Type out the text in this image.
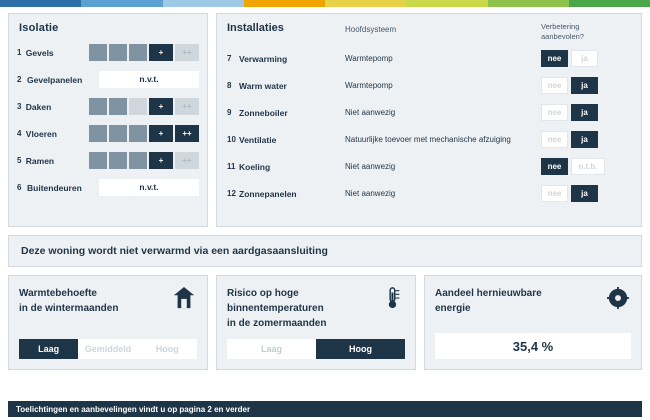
Isolatie
1 Gevels	+	++
2 Gevelpanelen	n.v.t.
3 Daken	+	++
4 Vloeren	+	++
5 Ramen	+	++
6 Buitendeuren	n.v.t.
Installaties	Hoofdsysteem	Verbetering
aanbevolen?
7 Verwarming	Warmtepomp	nee	ja
8 Warm water	Warmtepomp	nee	ja
9 Zonneboiler	Niet aanwezig	nee	ja
10 Ventilatie	Natuurlijke toevoer met mechanische afzuiging	nee	ja
11 Koeling	Niet aanwezig	nee	n.t.b.
12 Zonnepanelen	Niet aanwezig	nee	ja
Deze woning wordt niet verwarmd via een aardgasaansluiting
Warmtebehoefte
in de wintermaanden
Laag	Gemiddeld	Hoog
Risico op hoge
binnentemperaturen
in de zomermaanden
Laag	Hoog
Aandeel hernieuwbare
energie
35,4 %
Toelichtingen en aanbevelingen vindt u op pagina 2 en verder
